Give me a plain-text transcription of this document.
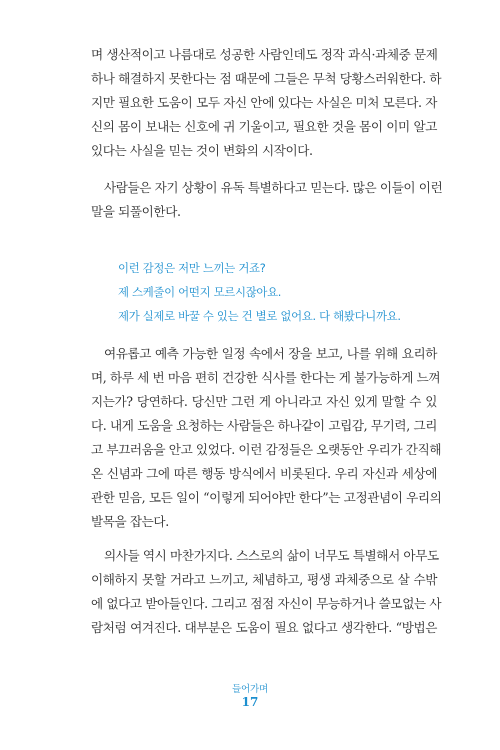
며 생산적이고 나름대로 성공한 사람인데도 정작 과식·과체중 문제
하나 해결하지 못한다는 점 때문에 그들은 무척 당황스러워한다. 하
지만 필요한 도움이 모두 자신 안에 있다는 사실은 미처 모른다. 자
신의 몸이 보내는 신호에 귀 기울이고, 필요한 것을 몸이 이미 알고
있다는 사실을 믿는 것이 변화의 시작이다.
사람들은 자기 상황이 유독 특별하다고 믿는다. 많은 이들이 이런
말을 되풀이한다.
이런 감정은 저만 느끼는 거죠?
제 스케줄이 어떤지 모르시잖아요.
제가 실제로 바꿀 수 있는 건 별로 없어요. 다 해봤다니까요.
여유롭고 예측 가능한 일정 속에서 장을 보고, 나를 위해 요리하
며, 하루 세 번 마음 편히 건강한 식사를 한다는 게 불가능하게 느껴
지는가? 당연하다. 당신만 그런 게 아니라고 자신 있게 말할 수 있
다. 내게 도움을 요청하는 사람들은 하나같이 고립감, 무기력, 그리
고 부끄러움을 안고 있었다. 이런 감정들은 오랫동안 우리가 간직해
온 신념과 그에 따른 행동 방식에서 비롯된다. 우리 자신과 세상에
관한 믿음, 모든 일이 “이렇게 되어야만 한다”는 고정관념이 우리의
발목을 잡는다.
의사들 역시 마찬가지다. 스스로의 삶이 너무도 특별해서 아무도
이해하지 못할 거라고 느끼고, 체념하고, 평생 과체중으로 살 수밖
에 없다고 받아들인다. 그리고 점점 자신이 무능하거나 쓸모없는 사
람처럼 여겨진다. 대부분은 도움이 필요 없다고 생각한다. “방법은
들어가며
17
